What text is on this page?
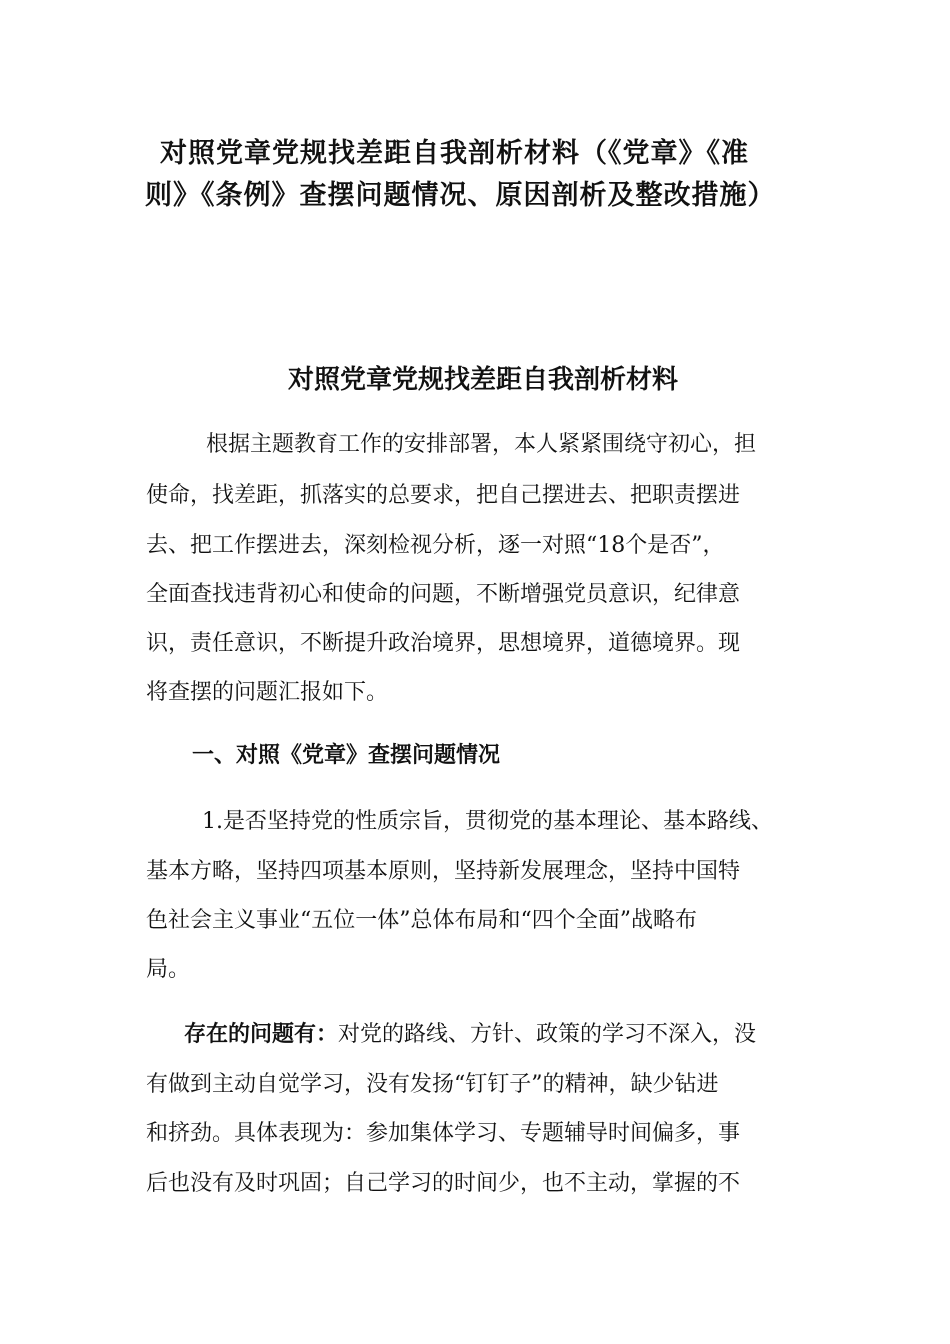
对照党章党规找差距自我剖析材料（《党章》《准
则》《条例》查摆问题情况、原因剖析及整改措施）
对照党章党规找差距自我剖析材料

根据主题教育工作的安排部署，本人紧紧围绕守初心，担

使命，找差距，抓落实的总要求，把自己摆进去、把职责摆进

去、把工作摆进去，深刻检视分析，逐一对照“18个是否”，

全面查找违背初心和使命的问题，不断增强党员意识，纪律意

识，责任意识，不断提升政治境界，思想境界，道德境界。现

将查摆的问题汇报如下。

一、对照《党章》查摆问题情况

1.是否坚持党的性质宗旨，贯彻党的基本理论、基本路线、

基本方略，坚持四项基本原则，坚持新发展理念，坚持中国特

色社会主义事业“五位一体”总体布局和“四个全面”战略布

局。

存在的问题有：对党的路线、方针、政策的学习不深入，没

有做到主动自觉学习，没有发扬“钉钉子”的精神，缺少钻进

和挤劲。具体表现为：参加集体学习、专题辅导时间偏多，事

后也没有及时巩固；自己学习的时间少，也不主动，掌握的不
